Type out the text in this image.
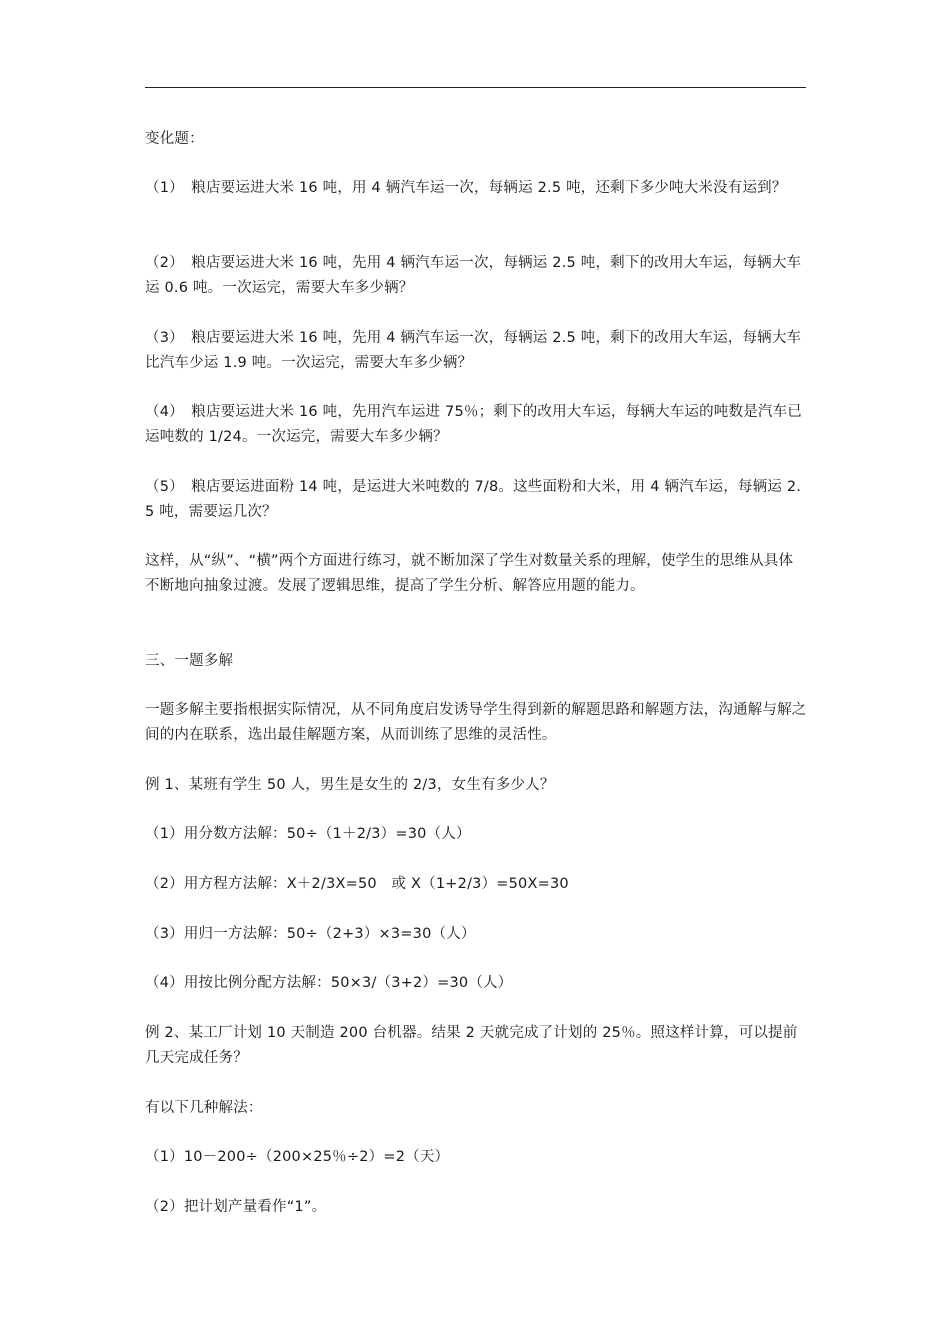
变化题：

（1）　粮店要运进大米 16 吨，用 4 辆汽车运一次，每辆运 2.5 吨，还剩下多少吨大米没有运到？

（2）　粮店要运进大米 16 吨，先用 4 辆汽车运一次，每辆运 2.5 吨，剩下的改用大车运，每辆大车运 0.6 吨。一次运完，需要大车多少辆？

（3）　粮店要运进大米 16 吨，先用 4 辆汽车运一次，每辆运 2.5 吨，剩下的改用大车运，每辆大车比汽车少运 1.9 吨。一次运完，需要大车多少辆？

（4）　粮店要运进大米 16 吨，先用汽车运进 75％；剩下的改用大车运，每辆大车运的吨数是汽车已运吨数的 1/24。一次运完，需要大车多少辆？

（5）　粮店要运进面粉 14 吨，是运进大米吨数的 7/8。这些面粉和大米，用 4 辆汽车运，每辆运 2.5 吨，需要运几次？

这样，从“纵”、“横”两个方面进行练习，就不断加深了学生对数量关系的理解，使学生的思维从具体不断地向抽象过渡。发展了逻辑思维，提高了学生分析、解答应用题的能力。

三、一题多解

一题多解主要指根据实际情况，从不同角度启发诱导学生得到新的解题思路和解题方法，沟通解与解之间的内在联系，选出最佳解题方案，从而训练了思维的灵活性。

例 1、某班有学生 50 人，男生是女生的 2/3，女生有多少人？

（1）用分数方法解：50÷（1＋2/3）=30（人）

（2）用方程方法解：X＋2/3X=50　或 X（1+2/3）=50X=30

（3）用归一方法解：50÷（2+3）×3=30（人）

（4）用按比例分配方法解：50×3/（3+2）=30（人）

例 2、某工厂计划 10 天制造 200 台机器。结果 2 天就完成了计划的 25％。照这样计算，可以提前几天完成任务？

有以下几种解法：

（1）10－200÷（200×25％÷2）=2（天）

（2）把计划产量看作“1”。
